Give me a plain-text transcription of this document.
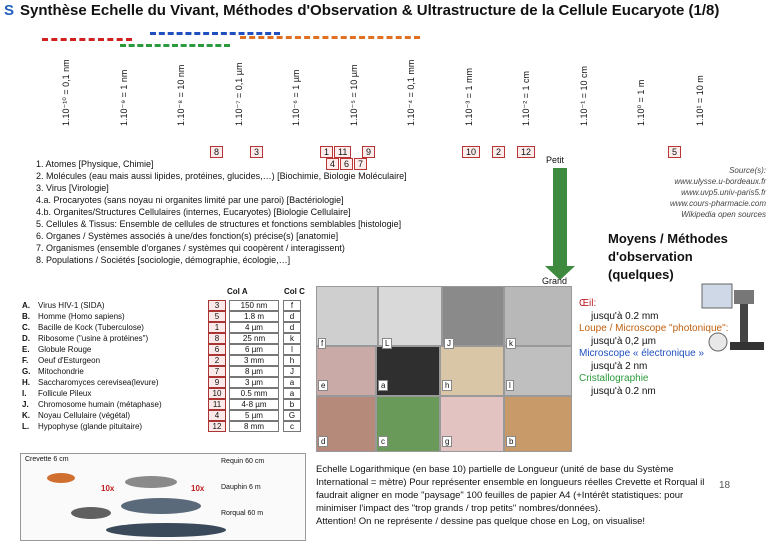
S Synthèse Echelle du Vivant, Méthodes d'Observation & Ultrastructure de la Cellule Eucaryote (1/8)
1.10⁻¹⁰ = 0,1 nm	1.10⁻⁹ = 1 nm	1.10⁻⁸ = 10 nm	1.10⁻⁷ = 0,1 µm	1.10⁻⁶ = 1 µm	1.10⁻⁵ = 10 µm	1.10⁻⁴ = 0,1 mm	1.10⁻³ = 1 mm	1.10⁻² = 1 cm	1.10⁻¹ = 10 cm	1.10⁰ = 1 m	1.10¹ = 10 m
8	3	1 11	9
4 6 7
10	2	12	5
1. Atomes [Physique, Chimie]
2. Molécules (eau mais aussi lipides, protéines, glucides,…) [Biochimie, Biologie Moléculaire]
3. Virus [Virologie]
4.a. Procaryotes (sans noyau ni organites limité par une paroi) [Bactériologie]
4.b. Organites/Structures Cellulaires (internes, Eucaryotes) [Biologie Cellulaire]
5. Cellules & Tissus: Ensemble de cellules de structures et fonctions semblables [histologie]
6. Organes / Systèmes associés à une/des fonction(s) précise(s) [anatomie]
7. Organismes (ensemble d'organes / systèmes qui coopèrent / interagissent)
8. Populations / Sociétés [sociologie, démographie, écologie,…]
Petit
Grand
Source(s):
www.ulysse.u-bordeaux.fr
www.uvp5.univ-paris5.fr
www.cours-pharmacie.com
Wikipedia open sources
Moyens / Méthodes
d'observation
(quelques)
Œil:
jusqu'à 0.2 mm
Loupe / Microscope "photonique":
jusqu'à 0,2 µm
Microscope « électronique »
jusqu'à 2 nm
Cristallographie
jusqu'à 0.2 nm
Col A	Col C
A.	Virus HIV-1 (SIDA)	3	150 nm	f
B.	Homme (Homo sapiens)	5	1.8 m	d
C.	Bacille de Kock (Tuberculose)	1	4 µm	d
D.	Ribosome ("usine à protéines")	8	25 nm	k
E.	Globule Rouge	6	6 µm	l
F.	Oeuf d'Esturgeon	2	3 mm	h
G. Mitochondrie	7	8 µm	J
H.	Saccharomyces cerevisea(levure)	9	3 µm	a
I.	Follicule Pileux	10	0.5 mm	a
J.	Chromosome humain (métaphase)	11	4-8 µm	b
K.	Noyau Cellulaire (végétal)	4	5 µm	G
L.	Hypophyse (glande pituitaire)	12	8 mm	c
f	L	J	k
e	a	h	l
d	c	g	b
Crevette 6 cm
10x
Requin 60 cm
Dauphin 6 m
Rorqual 60 m
10x
Echelle Logarithmique (en base 10) partielle de Longueur (unité de base du Système
International = mètre) Pour représenter ensemble en longueurs réelles Crevette et Rorqual il
faudrait aligner en mode "paysage" 100 feuilles de papier A4 (+Intérêt statistiques: pour
minimiser l'impact des "trop grands / trop petits" nombres/données).
Attention! On ne représente / dessine pas quelque chose en Log, on visualise!
18
